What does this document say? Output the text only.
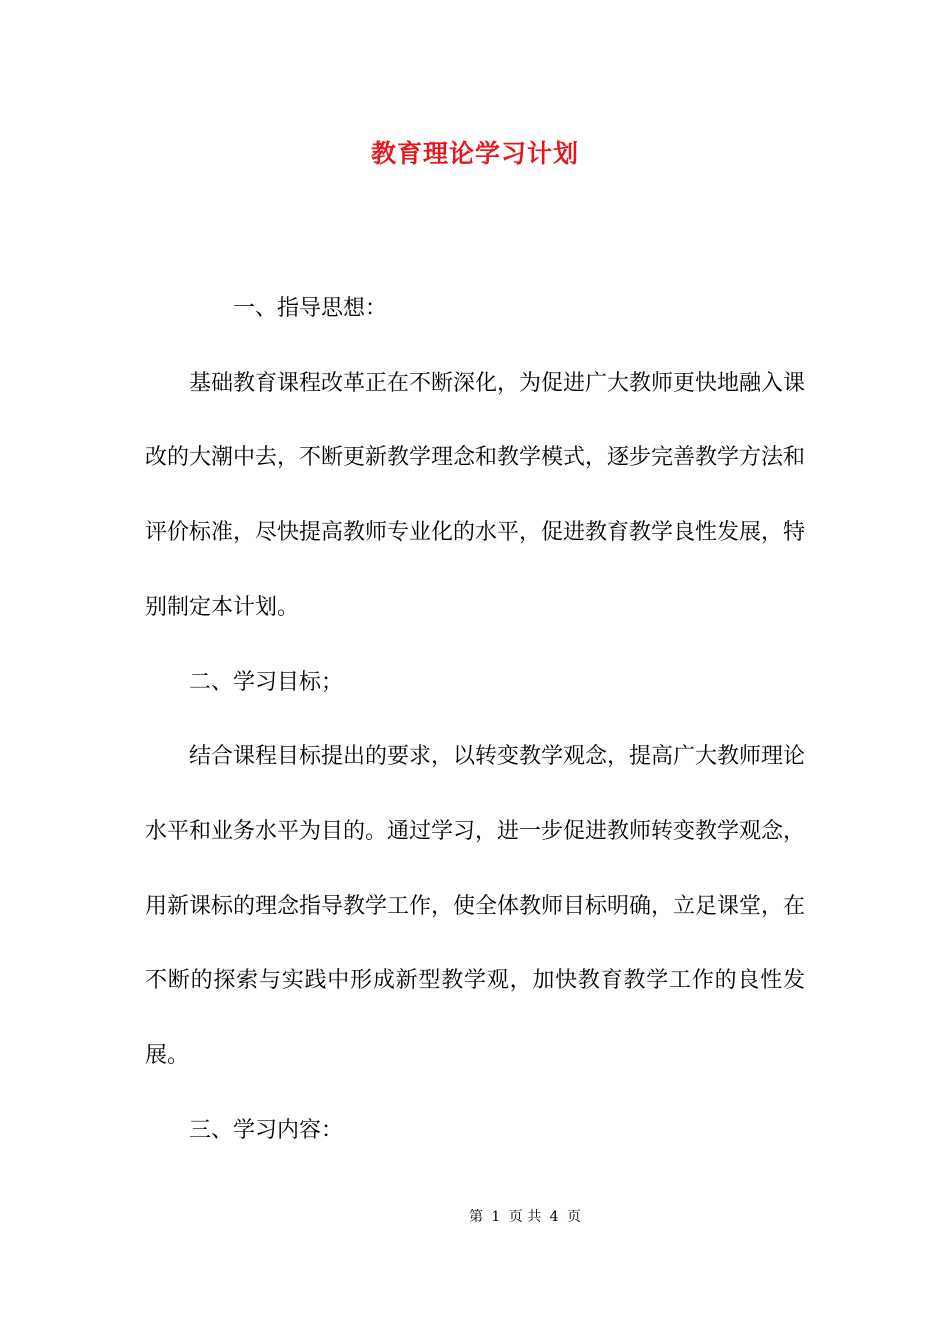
教育理论学习计划

一、指导思想：

基础教育课程改革正在不断深化，为促进广大教师更快地融入课改的大潮中去，不断更新教学理念和教学模式，逐步完善教学方法和评价标准，尽快提高教师专业化的水平，促进教育教学良性发展，特别制定本计划。

二、学习目标；

结合课程目标提出的要求，以转变教学观念，提高广大教师理论水平和业务水平为目的。通过学习，进一步促进教师转变教学观念，用新课标的理念指导教学工作，使全体教师目标明确，立足课堂，在不断的探索与实践中形成新型教学观，加快教育教学工作的良性发展。

三、学习内容：

第 1 页 共 4 页
